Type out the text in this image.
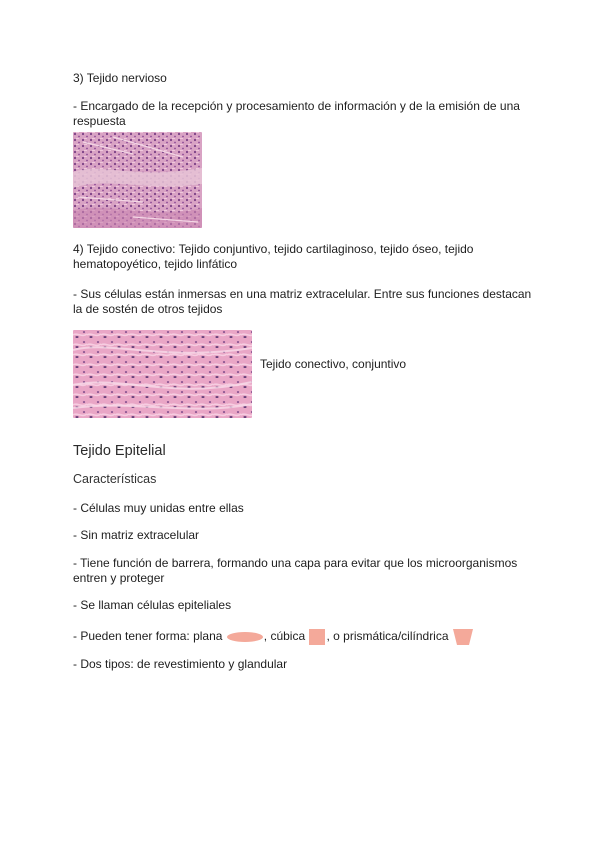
3) Tejido nervioso
- Encargado de la recepción y procesamiento de información y de la emisión de una respuesta
4) Tejido conectivo: Tejido conjuntivo, tejido cartilaginoso, tejido óseo, tejido hematopoyético, tejido linfático
- Sus células están inmersas en una matriz extracelular. Entre sus funciones destacan la de sostén de otros tejidos
Tejido conectivo, conjuntivo
Tejido Epitelial
Características
- Células muy unidas entre ellas
- Sin matriz extracelular
- Tiene función de barrera, formando una capa para evitar que los microorganismos entren y proteger
- Se llaman células epiteliales
- Pueden tener forma: plana	, cúbica , o prismática/cilíndrica
- Dos tipos: de revestimiento y glandular
